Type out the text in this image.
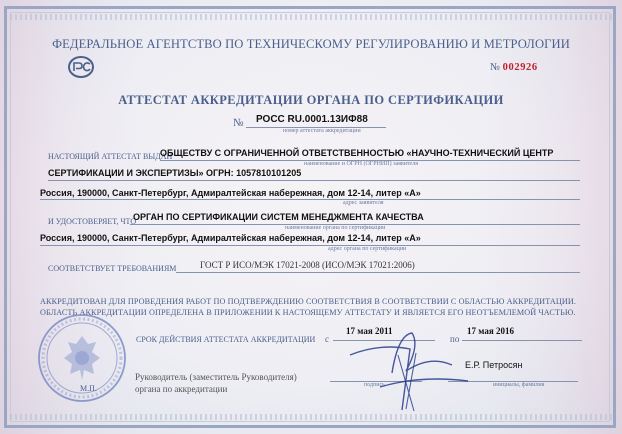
ФЕДЕРАЛЬНОЕ АГЕНТСТВО ПО ТЕХНИЧЕСКОМУ РЕГУЛИРОВАНИЮ И МЕТРОЛОГИИ
№ 002926
АТТЕСТАТ АККРЕДИТАЦИИ ОРГАНА ПО СЕРТИФИКАЦИИ
№ РОСС RU.0001.13ИФ88
номер аттестата аккредитации
НАСТОЯЩИЙ АТТЕСТАТ ВЫДАН
ОБЩЕСТВУ С ОГРАНИЧЕННОЙ ОТВЕТСТВЕННОСТЬЮ «НАУЧНО-ТЕХНИЧЕСКИЙ ЦЕНТР
наименование и ОГРН (ОГРНИП) заявителя
СЕРТИФИКАЦИИ И ЭКСПЕРТИЗЫ» ОГРН: 1057810101205
Россия, 190000, Санкт-Петербург, Адмиралтейская набережная, дом 12-14, литер «А»
адрес заявителя
И УДОСТОВЕРЯЕТ, ЧТО
ОРГАН ПО СЕРТИФИКАЦИИ СИСТЕМ МЕНЕДЖМЕНТА КАЧЕСТВА
наименование органа по сертификации
Россия, 190000, Санкт-Петербург, Адмиралтейская набережная, дом 12-14, литер «А»
адрес органа по сертификации
СООТВЕТСТВУЕТ ТРЕБОВАНИЯМ	ГОСТ Р ИСО/МЭК 17021-2008 (ИСО/МЭК 17021:2006)
АККРЕДИТОВАН ДЛЯ ПРОВЕДЕНИЯ РАБОТ ПО ПОДТВЕРЖДЕНИЮ СООТВЕТСТВИЯ В СООТВЕТСТВИИ С ОБЛАСТЬЮ АККРЕДИТАЦИИ.
ОБЛАСТЬ АККРЕДИТАЦИИ ОПРЕДЕЛЕНА В ПРИЛОЖЕНИИ К НАСТОЯЩЕМУ АТТЕСТАТУ И ЯВЛЯЕТСЯ ЕГО НЕОТЪЕМЛЕМОЙ ЧАСТЬЮ.
СРОК ДЕЙСТВИЯ АТТЕСТАТА АККРЕДИТАЦИИ с
17 мая 2011
по
17 мая 2016
Руководитель (заместитель Руководителя)
органа по аккредитации	подпись
Е.Р. Петросян
инициалы, фамилия
М.П.
